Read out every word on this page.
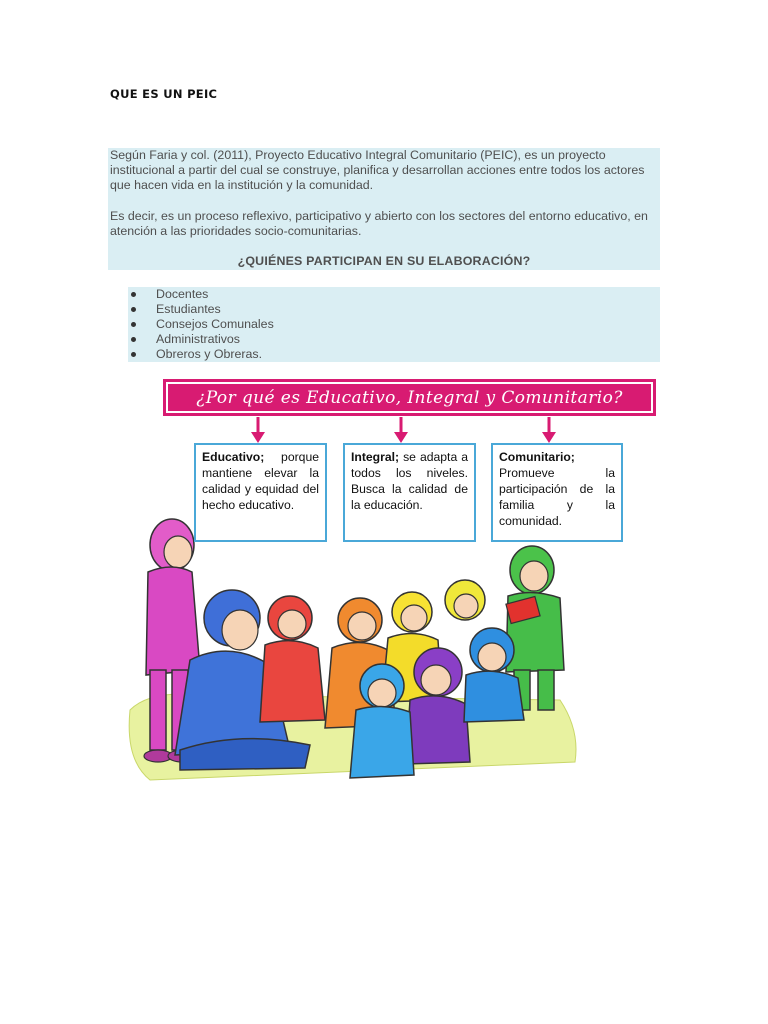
QUE ES UN PEIC

Según Faria y col. (2011), Proyecto Educativo Integral Comunitario (PEIC), es un proyecto institucional a partir del cual se construye, planifica y desarrollan acciones entre todos los actores que hacen vida en la institución y la comunidad.

Es decir, es un proceso reflexivo, participativo y abierto con los sectores del entorno educativo, en atención a las prioridades socio-comunitarias.

¿QUIÉNES PARTICIPAN EN SU ELABORACIÓN?
Docentes
Estudiantes
Consejos Comunales
Administrativos
Obreros y Obreras.
¿Por qué es Educativo, Integral y Comunitario?
Educativo; porque mantiene elevar la calidad y equidad del hecho educativo.
Integral; se adapta a todos los niveles. Busca la calidad de la educación.
Comunitario; Promueve la participación de la familia y la comunidad.
